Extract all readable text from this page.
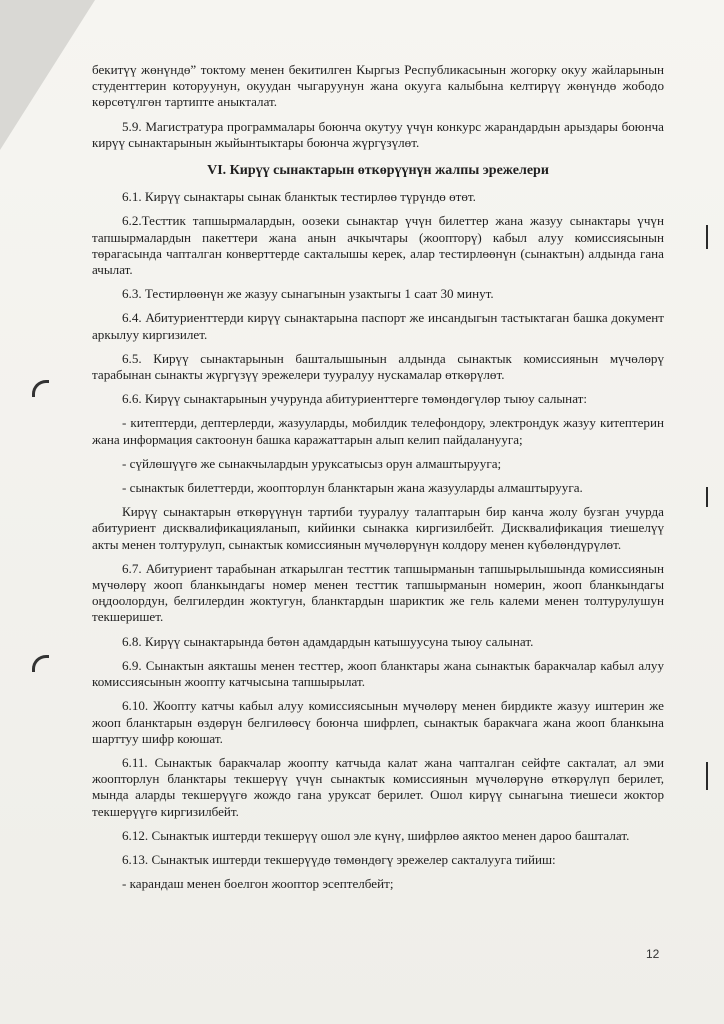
бекитүү жөнүндө” токтому менен бекитилген Кыргыз Республикасынын жогорку окуу жайларынын студенттерин которуунун, окуудан чыгаруунун жана окууга калыбына келтирүү жөнүндө жободо көрсөтүлгөн тартипте аныкталат.

5.9. Магистратура программалары боюнча окутуу үчүн конкурс жарандардын арыздары боюнча кирүү сынактарынын жыйынтыктары боюнча жүргүзүлөт.

VI. Кирүү сынактарын өткөрүүнүн жалпы эрежелери

6.1. Кирүү сынактары сынак бланктык тестирлөө түрүндө өтөт.

6.2.Тесттик тапшырмалардын, оозеки сынактар үчүн билеттер жана жазуу сынактары үчүн тапшырмалардын пакеттери жана анын ачкычтары (жоопторү) кабыл алуу комиссиясынын төрагасында чапталган конверттерде сакталышы керек, алар тестирлөөнүн (сынактын) алдында гана ачылат.

6.3. Тестирлөөнүн же жазуу сынагынын узактыгы 1 саат 30 минут.

6.4. Абитуриенттерди кирүү сынактарына паспорт же инсандыгын тастыктаган башка документ аркылуу киргизилет.

6.5. Кирүү сынактарынын башталышынын алдында сынактык комиссиянын мүчөлөрү тарабынан сынакты жүргүзүү эрежелери тууралуу нускамалар өткөрүлөт.

6.6. Кирүү сынактарынын учурунда абитуриенттерге төмөндөгүлөр тыюу салынат:

- китептерди, дептерлерди, жазууларды, мобилдик телефондору, электрондук жазуу китептерин жана информация сактоонун башка каражаттарын алып келип пайдаланууга;

- сүйлөшүүгө же сынакчылардын уруксатысыз орун алмаштырууга;

- сынактык билеттерди, жоопторлун бланктарын жана жазууларды алмаштырууга.

Кирүү сынактарын өткөрүүнүн тартиби тууралуу талаптарын бир канча жолу бузган учурда абитуриент дисквалификацияланып, кийинки сынакка киргизилбейт. Дисквалификация тиешелүү акты менен толтурулуп, сынактык комиссиянын мүчөлөрүнүн колдору менен күбөлөндүрүлөт.

6.7. Абитуриент тарабынан аткарылган тесттик тапшырманын тапшырылышында комиссиянын мүчөлөрү жооп бланкындагы номер менен тесттик тапшырманын номерин, жооп бланкындагы оңдоолордун, белгилердин жоктугун, бланктардын шариктик же гель калеми менен толтурулушун текшеришет.

6.8. Кирүү сынактарында бөтөн адамдардын катышуусуна тыюу салынат.

6.9. Сынактын аякташы менен тесттер, жооп бланктары жана сынактык баракчалар кабыл алуу комиссиясынын жоопту катчысына тапшырылат.

6.10. Жоопту катчы кабыл алуу комиссиясынын мүчөлөрү менен бирдикте жазуу иштерин же жооп бланктарын өздөрүн белгилөөсү боюнча шифрлеп, сынактык баракчага жана жооп бланкына шарттуу шифр коюшат.

6.11. Сынактык баракчалар жоопту катчыда калат жана чапталган сейфте сакталат, ал эми жоопторлун бланктары текшерүү үчүн сынактык комиссиянын мүчөлөрүнө өткөрүлүп берилет, мында аларды текшерүүгө жождо гана уруксат берилет. Ошол кирүү сынагына тиешеси жоктор текшерүүгө киргизилбейт.

6.12. Сынактык иштерди текшерүү ошол эле күнү, шифрлөө аяктоо менен дароо башталат.

6.13. Сынактык иштерди текшерүүдө төмөндөгү эрежелер сакталууга тийиш:

- карандаш менен боелгон жооптор эсептелбейт;

12
